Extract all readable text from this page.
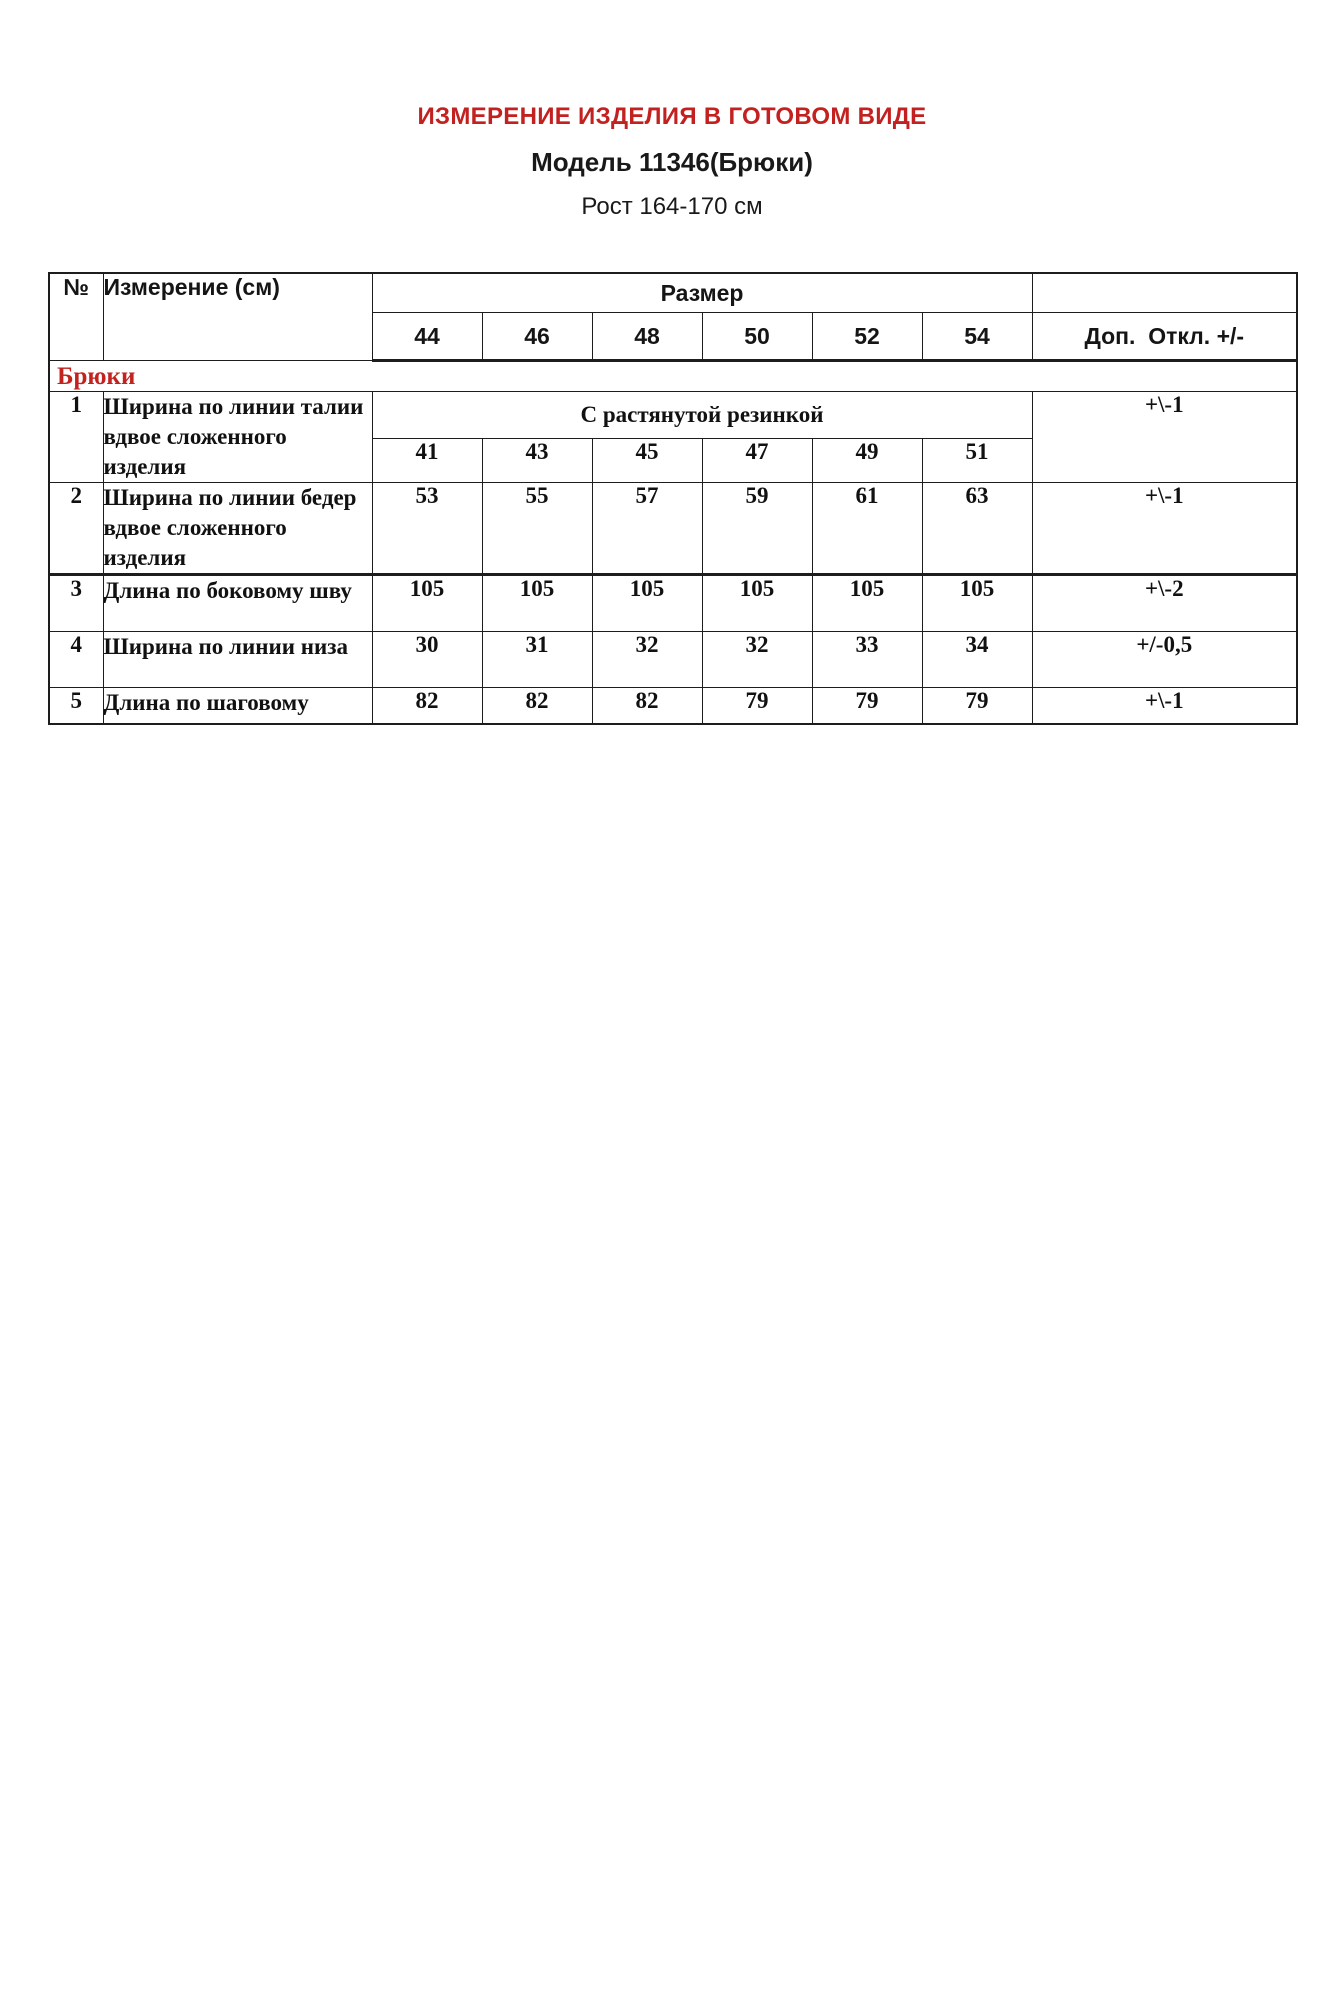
ИЗМЕРЕНИЕ ИЗДЕЛИЯ В ГОТОВОМ ВИДЕ
Модель 11346(Брюки)
Рост 164-170 см
№	Измерение (см)	Размер						
		44	46	48	50	52	54	Доп.  Откл. +/-
Брюки								
1	Ширина по линии талии вдвое сложенного изделия	С растянутой резинкой						+\-1
		41	43	45	47	49	51	
2	Ширина по линии бедер вдвое сложенного изделия	53	55	57	59	61	63	+\-1
3	Длина по боковому шву	105	105	105	105	105	105	+\-2
4	Ширина по линии низа	30	31	32	32	33	34	+/-0,5
5	Длина по шаговому	82	82	82	79	79	79	+\-1
